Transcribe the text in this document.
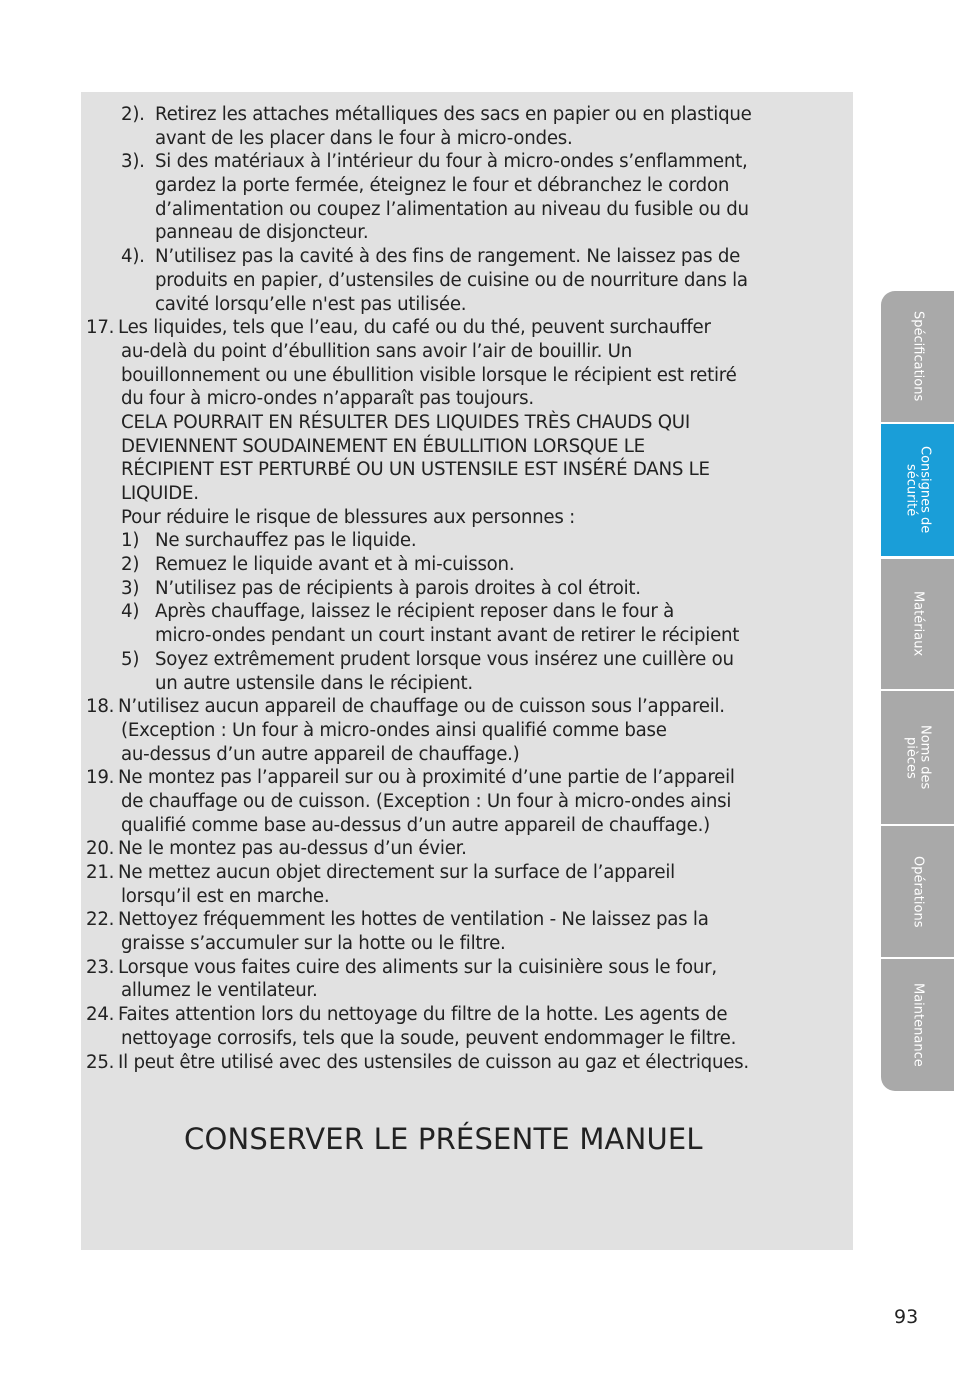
2). Retirez les attaches métalliques des sacs en papier ou en plastique
avant de les placer dans le four à micro-ondes.
3). Si des matériaux à l’intérieur du four à micro-ondes s’enflamment,
gardez la porte fermée, éteignez le four et débranchez le cordon
d’alimentation ou coupez l’alimentation au niveau du fusible ou du
panneau de disjoncteur.
4). N’utilisez pas la cavité à des fins de rangement. Ne laissez pas de
produits en papier, d’ustensiles de cuisine ou de nourriture dans la
cavité lorsqu’elle n'est pas utilisée.
17. Les liquides, tels que l’eau, du café ou du thé, peuvent surchauffer
au-delà du point d’ébullition sans avoir l’air de bouillir. Un
bouillonnement ou une ébullition visible lorsque le récipient est retiré
du four à micro-ondes n’apparaît pas toujours.
CELA POURRAIT EN RÉSULTER DES LIQUIDES TRÈS CHAUDS QUI
DEVIENNENT SOUDAINEMENT EN ÉBULLITION LORSQUE LE
RÉCIPIENT EST PERTURBÉ OU UN USTENSILE EST INSÉRÉ DANS LE
LIQUIDE.
Pour réduire le risque de blessures aux personnes :
1) Ne surchauffez pas le liquide.
2) Remuez le liquide avant et à mi-cuisson.
3) N’utilisez pas de récipients à parois droites à col étroit.
4) Après chauffage, laissez le récipient reposer dans le four à
micro-ondes pendant un court instant avant de retirer le récipient
5) Soyez extrêmement prudent lorsque vous insérez une cuillère ou
un autre ustensile dans le récipient.
18. N’utilisez aucun appareil de chauffage ou de cuisson sous l’appareil.
(Exception : Un four à micro-ondes ainsi qualifié comme base
au-dessus d’un autre appareil de chauffage.)
19. Ne montez pas l’appareil sur ou à proximité d’une partie de l’appareil
de chauffage ou de cuisson. (Exception : Un four à micro-ondes ainsi
qualifié comme base au-dessus d’un autre appareil de chauffage.)
20. Ne le montez pas au-dessus d’un évier.
21. Ne mettez aucun objet directement sur la surface de l’appareil
lorsqu’il est en marche.
22. Nettoyez fréquemment les hottes de ventilation - Ne laissez pas la
graisse s’accumuler sur la hotte ou le filtre.
23. Lorsque vous faites cuire des aliments sur la cuisinière sous le four,
allumez le ventilateur.
24. Faites attention lors du nettoyage du filtre de la hotte. Les agents de
nettoyage corrosifs, tels que la soude, peuvent endommager le filtre.
25. Il peut être utilisé avec des ustensiles de cuisson au gaz et électriques.
CONSERVER LE PRÉSENTE MANUEL
93
Spécifications
Consignes de
sécurité
Matériaux
Noms des
pièces
Opérations
Maintenance
